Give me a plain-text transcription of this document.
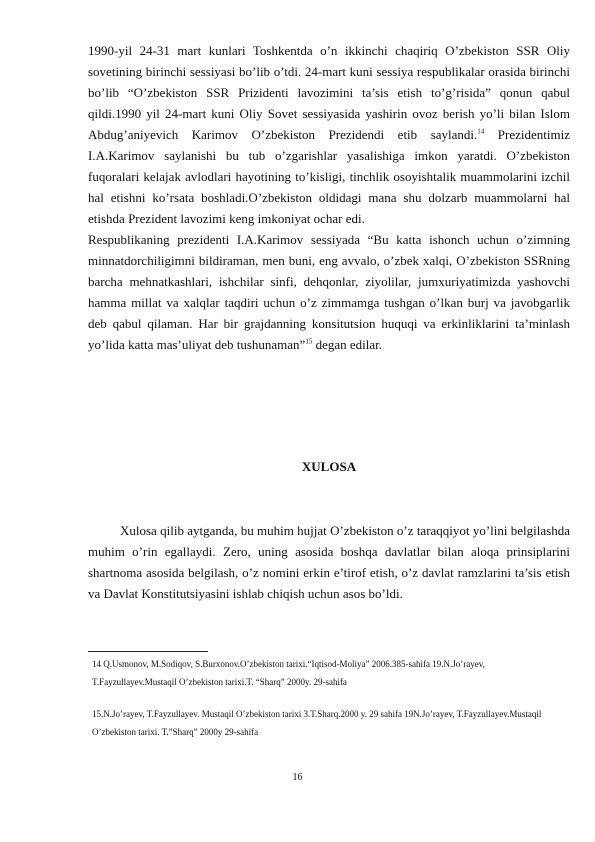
1990-yil 24-31 mart kunlari Toshkentda o’n ikkinchi chaqiriq O’zbekiston SSR Oliy sovetining birinchi sessiyasi bo’lib o’tdi. 24-mart kuni sessiya respublikalar orasida birinchi bo’lib “O’zbekiston SSR Prizidenti lavozimini ta’sis etish to’g’risida” qonun qabul qildi.1990 yil 24-mart kuni Oliy Sovet sessiyasida yashirin ovoz berish yo’li bilan Islom Abdug’aniyevich Karimov O’zbekiston Prezidendi etib saylandi.$^{14}$ Prezidentimiz I.A.Karimov saylanishi bu tub o’zgarishlar yasalishiga imkon yaratdi. O’zbekiston fuqoralari kelajak avlodlari hayotining to’kisligi, tinchlik osoyishtalik muammolarini izchil hal etishni ko’rsata boshladi.O’zbekiston oldidagi mana shu dolzarb muammolarni hal etishda Prezident lavozimi keng imkoniyat ochar edi.
Respublikaning prezidenti I.A.Karimov sessiyada “Bu katta ishonch uchun o’zimning minnatdorchiligimni bildiraman, men buni, eng avvalo, o’zbek xalqi, O’zbekiston SSRning barcha mehnatkashlari, ishchilar sinfi, dehqonlar, ziyolilar, jumxuriyatimizda yashovchi hamma millat va xalqlar taqdiri uchun o’z zimmamga tushgan o’lkan burj va javobgarlik deb qabul qilaman. Har bir grajdanning konsitutsion huquqi va erkinliklarini ta’minlash yo’lida katta mas’uliyat deb tushunaman”$^{15}$ degan edilar.
XULOSA
Xulosa qilib aytganda, bu muhim hujjat O’zbekiston o’z taraqqiyot yo’lini belgilashda muhim o’rin egallaydi. Zero, uning asosida boshqa davlatlar bilan aloqa prinsiplarini shartnoma asosida belgilash, o’z nomini erkin e’tirof etish, o’z davlat ramzlarini ta’sis etish va Davlat Konstitutsiyasini ishlab chiqish uchun asos bo’ldi.

14 Q.Usmonov, M.Sodiqov, S.Burxonov.O’zbekiston tarixi.“Iqtisod-Moliya” 2006.385-sahifa 19.N.Jo’rayev, T.Fayzullayev.Mustaqil O’zbekiston tarixi.T. “Sharq” 2000y. 29-sahifa

15.N.Jo’rayev, T.Fayzullayev. Mustaqil O’zbekiston tarixi 3.T.Sharq.2000 y. 29 sahifa 19N.Jo’rayev, T.Fayzullayev.Mustaqil O’zbekiston tarixi. T.”Sharq” 2000y 29-sahifa

16
